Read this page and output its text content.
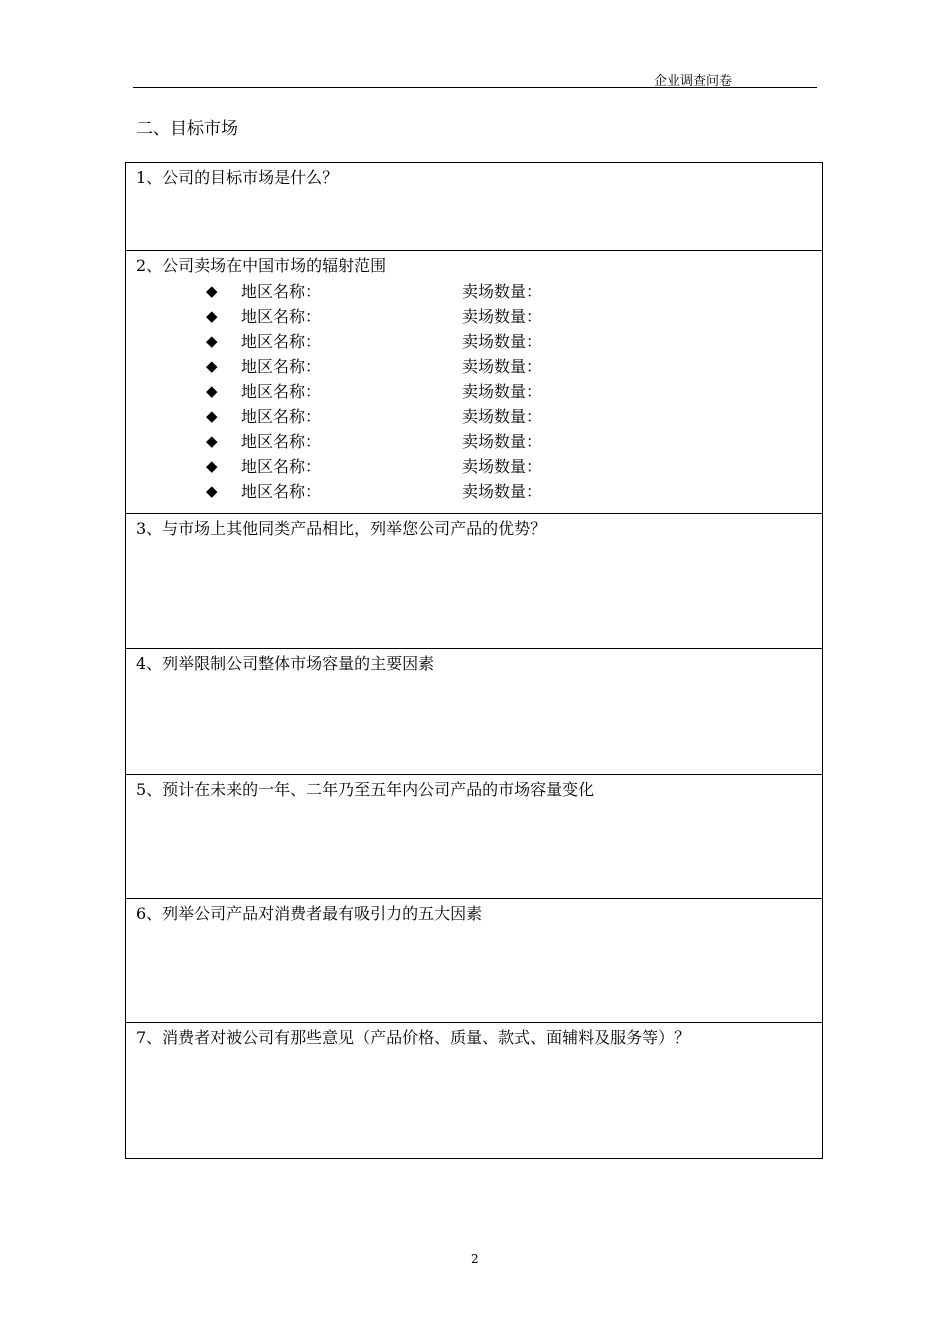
企业调查问卷
二、目标市场
1、公司的目标市场是什么？
2、公司卖场在中国市场的辐射范围
◆ 地区名称：	卖场数量：
◆ 地区名称：	卖场数量：
◆ 地区名称：	卖场数量：
◆ 地区名称：	卖场数量：
◆ 地区名称：	卖场数量：
◆ 地区名称：	卖场数量：
◆ 地区名称：	卖场数量：
◆ 地区名称：	卖场数量：
◆ 地区名称：	卖场数量：
3、与市场上其他同类产品相比，列举您公司产品的优势？
4、列举限制公司整体市场容量的主要因素
5、预计在未来的一年、二年乃至五年内公司产品的市场容量变化
6、列举公司产品对消费者最有吸引力的五大因素
7、消费者对被公司有那些意见（产品价格、质量、款式、面辅料及服务等）？
2
